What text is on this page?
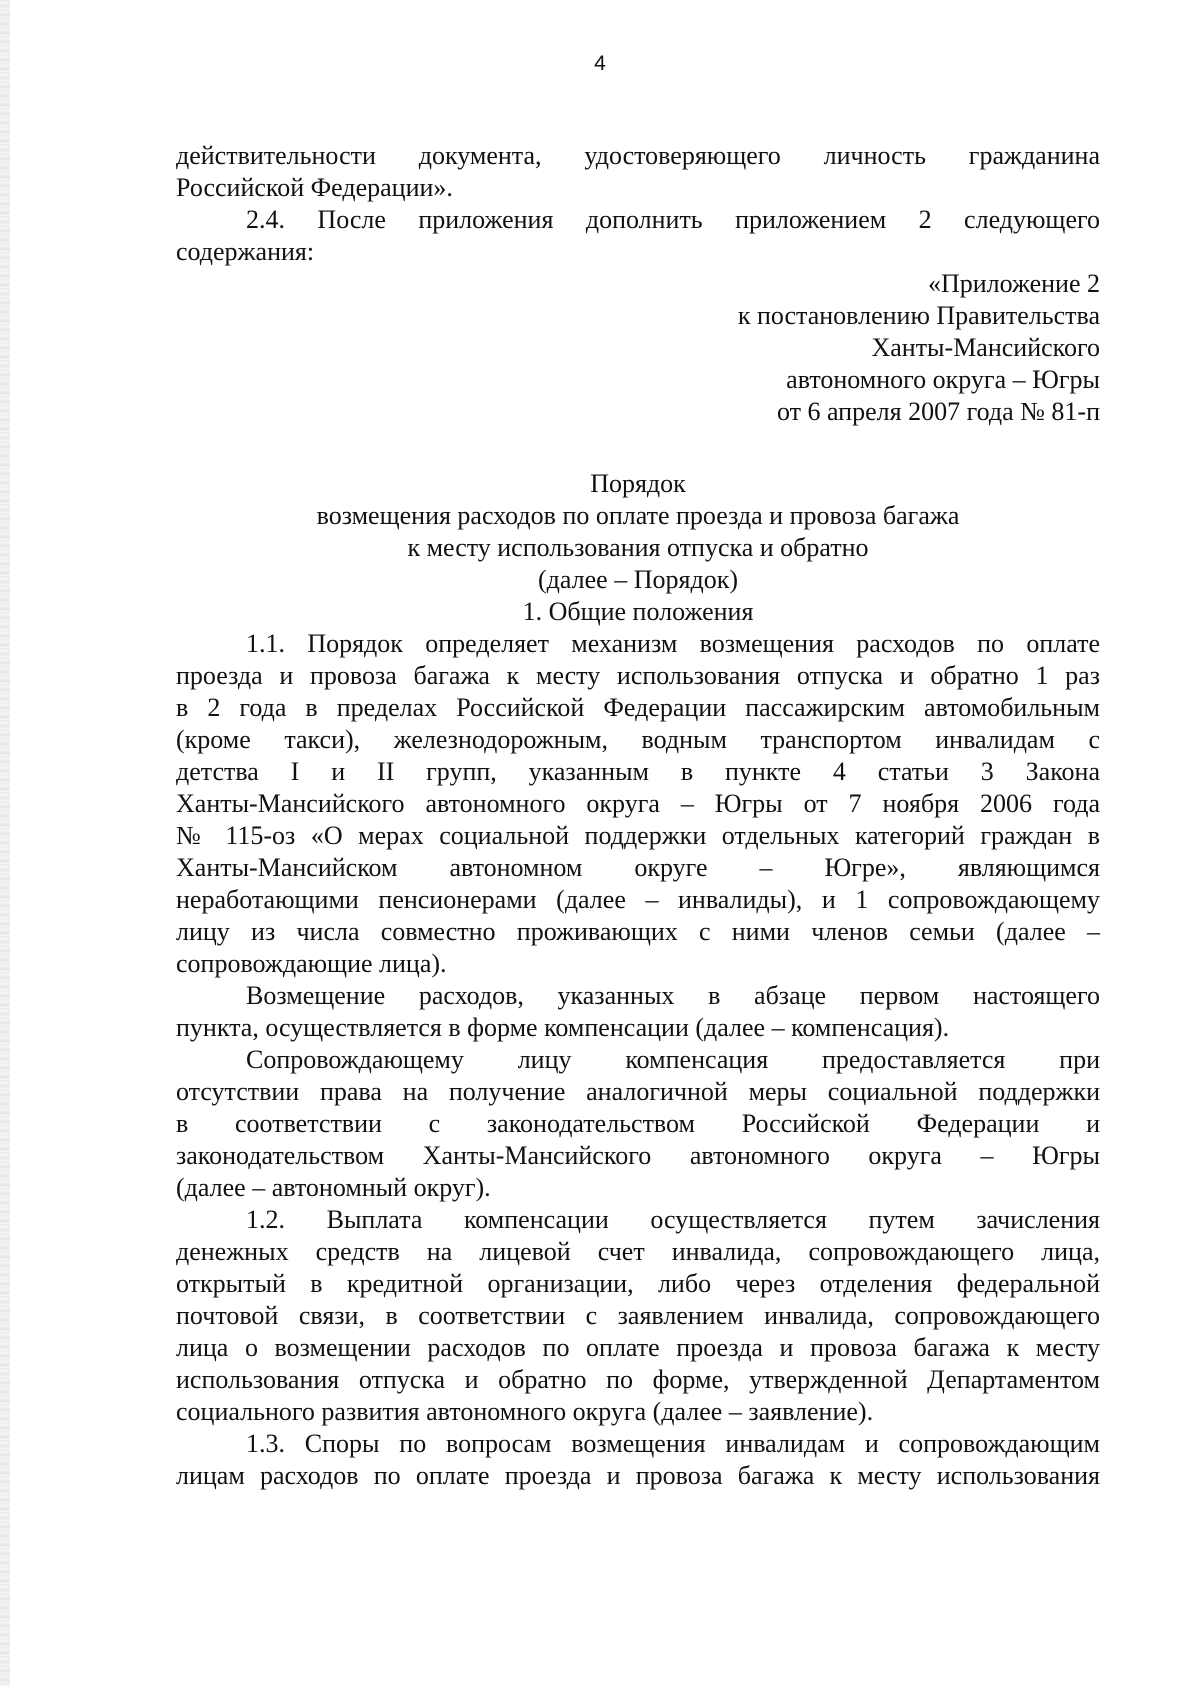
4

действительности документа, удостоверяющего личность гражданина

Российской Федерации».

2.4. После приложения дополнить приложением 2 следующего

содержания:

«Приложение 2

к постановлению Правительства

Ханты-Мансийского

автономного округа – Югры

от 6 апреля 2007 года № 81-п

Порядок

возмещения расходов по оплате проезда и провоза багажа

к месту использования отпуска и обратно

(далее – Порядок)

1. Общие положения

1.1. Порядок определяет механизм возмещения расходов по оплате

проезда и провоза багажа к месту использования отпуска и обратно 1 раз

в 2 года в пределах Российской Федерации пассажирским автомобильным

(кроме такси), железнодорожным, водным транспортом инвалидам с

детства I и II групп, указанным в пункте 4 статьи 3 Закона

Ханты-Мансийского автономного округа – Югры от 7 ноября 2006 года

№ 115-оз «О мерах социальной поддержки отдельных категорий граждан в

Ханты-Мансийском автономном округе – Югре», являющимся

неработающими пенсионерами (далее – инвалиды), и 1 сопровождающему

лицу из числа совместно проживающих с ними членов семьи (далее –

сопровождающие лица).

Возмещение расходов, указанных в абзаце первом настоящего

пункта, осуществляется в форме компенсации (далее – компенсация).

Сопровождающему лицу компенсация предоставляется при

отсутствии права на получение аналогичной меры социальной поддержки

в соответствии с законодательством Российской Федерации и

законодательством Ханты-Мансийского автономного округа – Югры

(далее – автономный округ).

1.2. Выплата компенсации осуществляется путем зачисления

денежных средств на лицевой счет инвалида, сопровождающего лица,

открытый в кредитной организации, либо через отделения федеральной

почтовой связи, в соответствии с заявлением инвалида, сопровождающего

лица о возмещении расходов по оплате проезда и провоза багажа к месту

использования отпуска и обратно по форме, утвержденной Департаментом

социального развития автономного округа (далее – заявление).

1.3. Споры по вопросам возмещения инвалидам и сопровождающим

лицам расходов по оплате проезда и провоза багажа к месту использования
